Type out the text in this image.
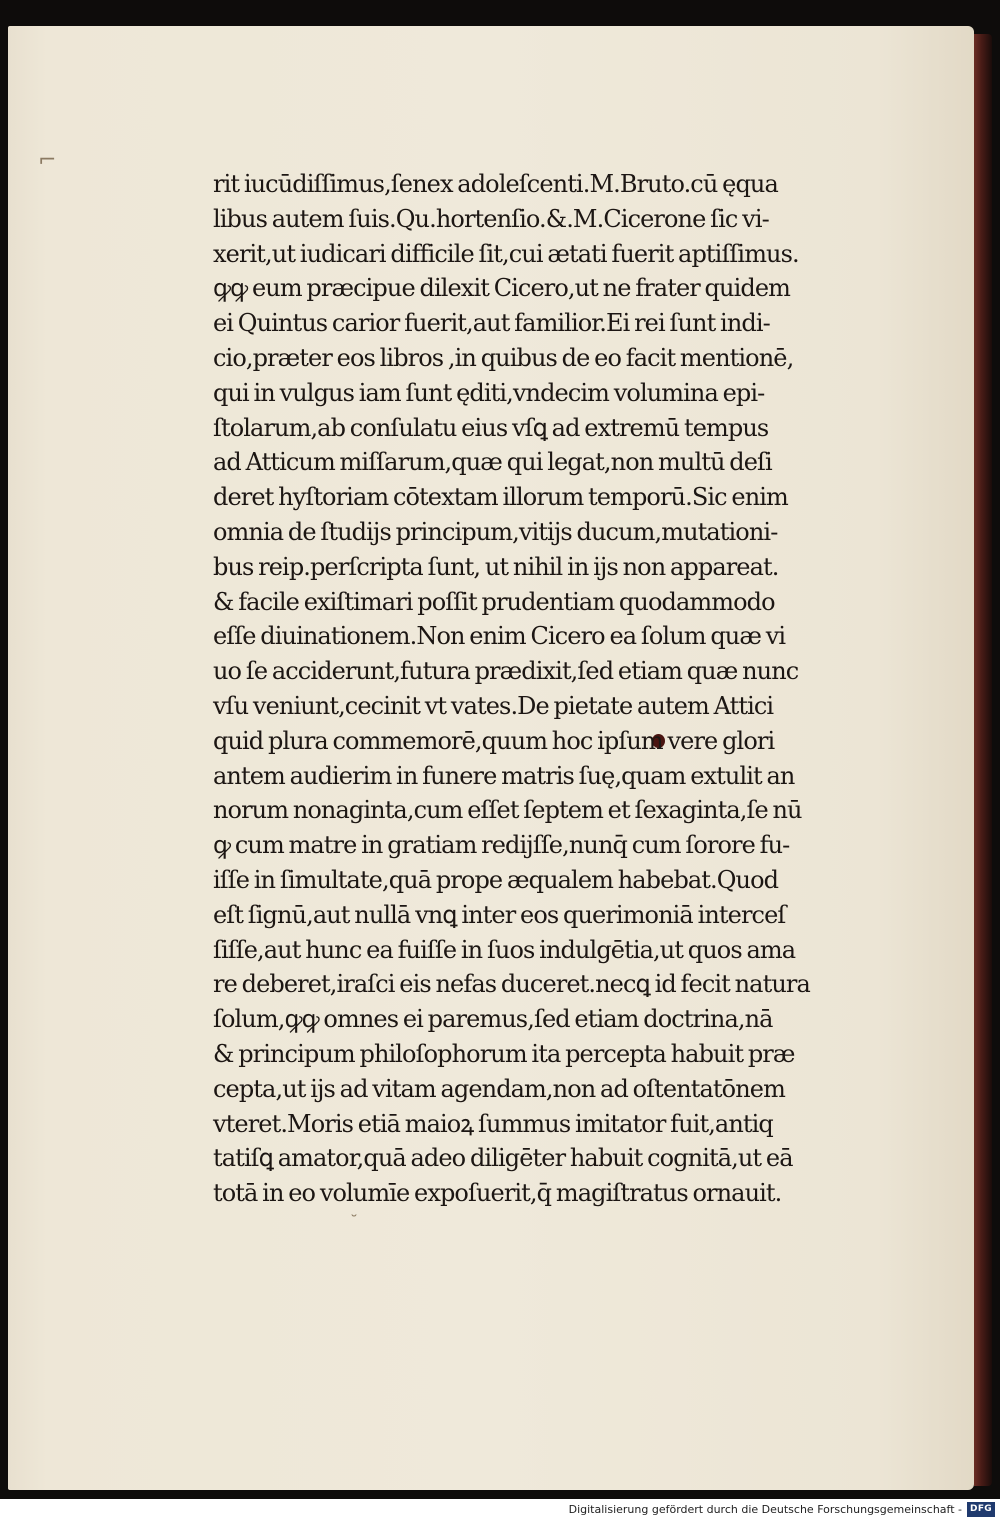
⌐
˘
rit iucūdiſſimus,ſenex adoleſcenti.M.Bruto.cū ęqua
libus autem ſuis.Qu.hortenſio.&.M.Cicerone ſic vi-
xerit,ut iudicari difficile ſit,cui ætati fuerit aptiſſimus.
ꝙꝙ eum præcipue dilexit Cicero,ut ne frater quidem
ei Quintus carior fuerit,aut familior.Ei rei ſunt indi-
cio,præter eos libros ,in quibus de eo facit mentionē,
qui in vulgus iam ſunt ęditi,vndecim volumina epi-
ſtolarum,ab conſulatu eius vſꝗ ad extremū tempus
ad Atticum miſſarum,quæ qui legat,non multū deſi
deret hyſtoriam cōtextam illorum temporū.Sic enim
omnia de ſtudijs principum,vitijs ducum,mutationi-
bus reip.perſcripta ſunt, ut nihil in ijs non appareat.
& facile exiſtimari poſſit prudentiam quodammodo
eſſe diuinationem.Non enim Cicero ea ſolum quæ vi
uo ſe acciderunt,futura prædixit,ſed etiam quæ nunc
vſu veniunt,cecinit vt vates.De pietate autem Attici
quid plura commemorē,quum hoc ipſum vere glori
antem audierim in funere matris ſuę,quam extulit an
norum nonaginta,cum eſſet ſeptem et ſexaginta,ſe nū
ꝙ cum matre in gratiam redijſſe,nunq̄ cum ſorore fu-
iſſe in ſimultate,quā prope æqualem habebat.Quod
eſt ſignū,aut nullā vnꝗ inter eos querimoniā interceſ
ſiſſe,aut hunc ea fuiſſe in ſuos indulgētia,ut quos ama
re deberet,iraſci eis nefas duceret.necꝗ id fecit natura
ſolum,ꝙꝙ omnes ei paremus,ſed etiam doctrina,nā
& principum philoſophorum ita percepta habuit præ
cepta,ut ijs ad vitam agendam,non ad oſtentatōnem
vteret.Moris etiā maioꝝ ſummus imitator fuit,antiq
tatiſꝗ amator,quā adeo diligēter habuit cognitā,ut eā
totā in eo volumīe expoſuerit,q̄ magiſtratus ornauit.
Digitalisierung gefördert durch die Deutsche Forschungsgemeinschaft - DFG
